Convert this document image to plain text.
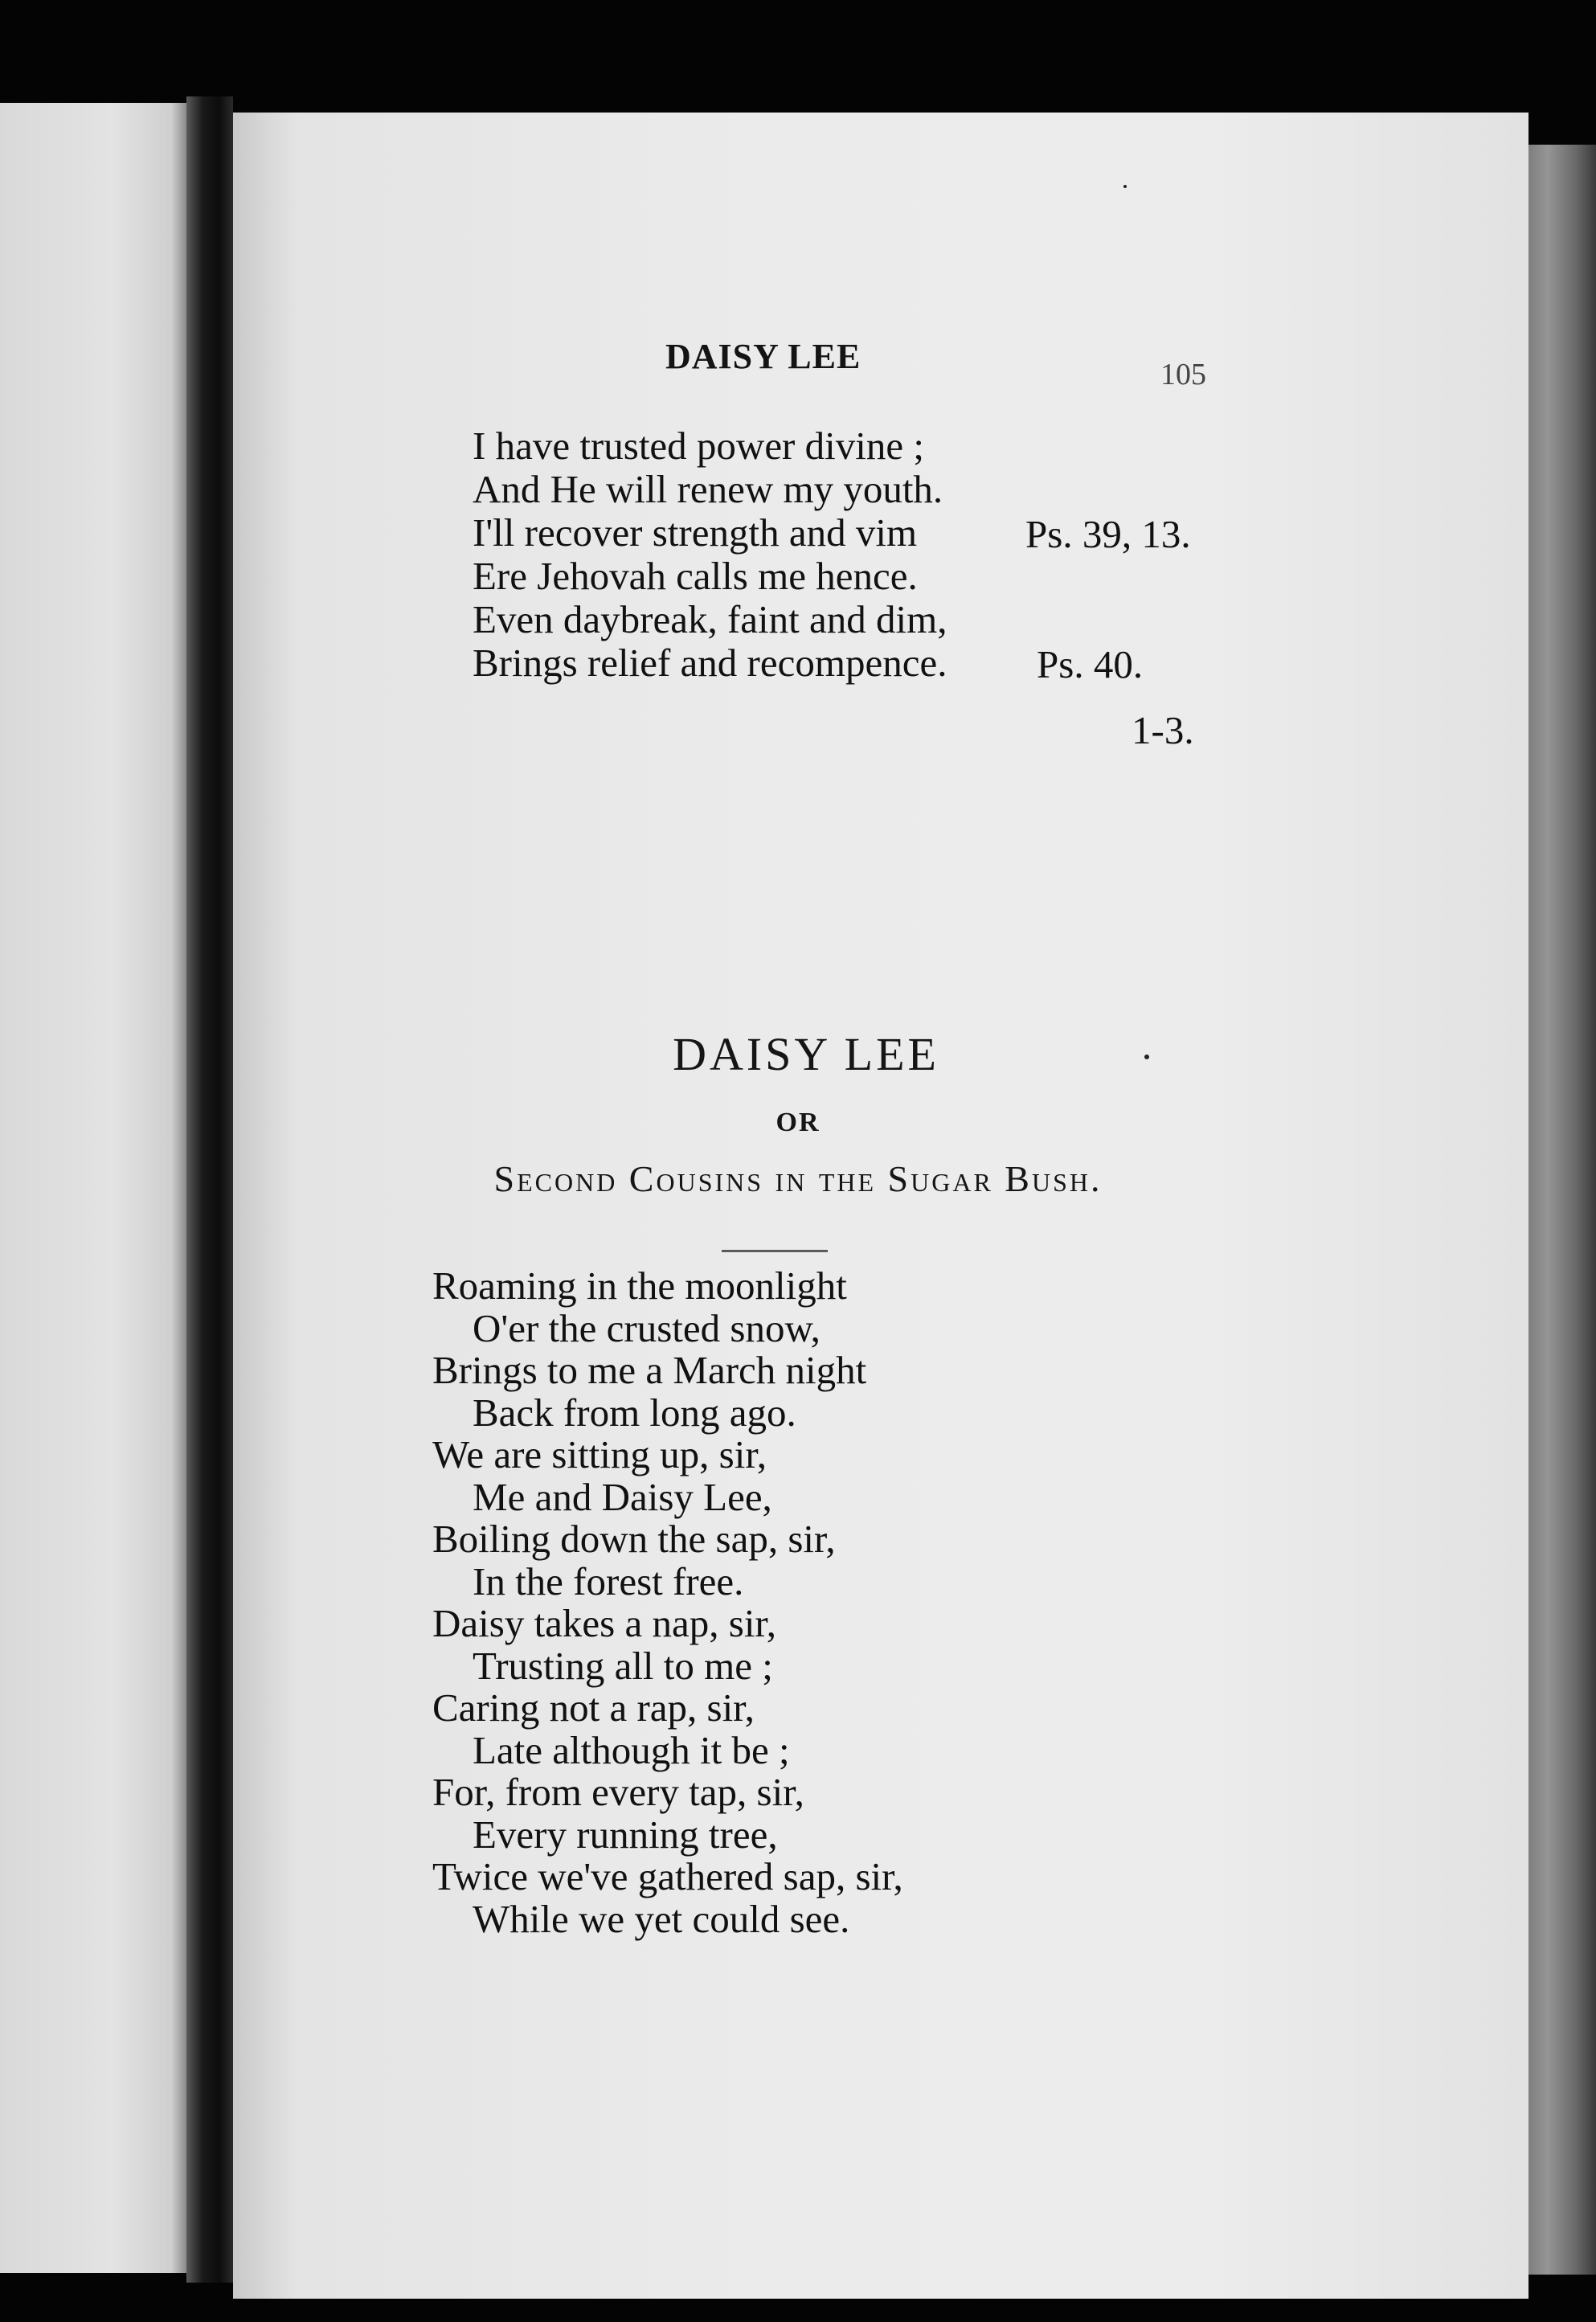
DAISY LEE	105
I have trusted power divine ;
And He will renew my youth.
I'll recover strength and vim
Ere Jehovah calls me hence.
Even daybreak, faint and dim,
Brings relief and recompence.
Ps. 39, 13.
Ps. 40.
1-3.
DAISY LEE
OR
Second Cousins in the Sugar Bush.
Roaming in the moonlight
O'er the crusted snow,
Brings to me a March night
Back from long ago.
We are sitting up, sir,
Me and Daisy Lee,
Boiling down the sap, sir,
In the forest free.
Daisy takes a nap, sir,
Trusting all to me ;
Caring not a rap, sir,
Late although it be ;
For, from every tap, sir,
Every running tree,
Twice we've gathered sap, sir,
While we yet could see.
